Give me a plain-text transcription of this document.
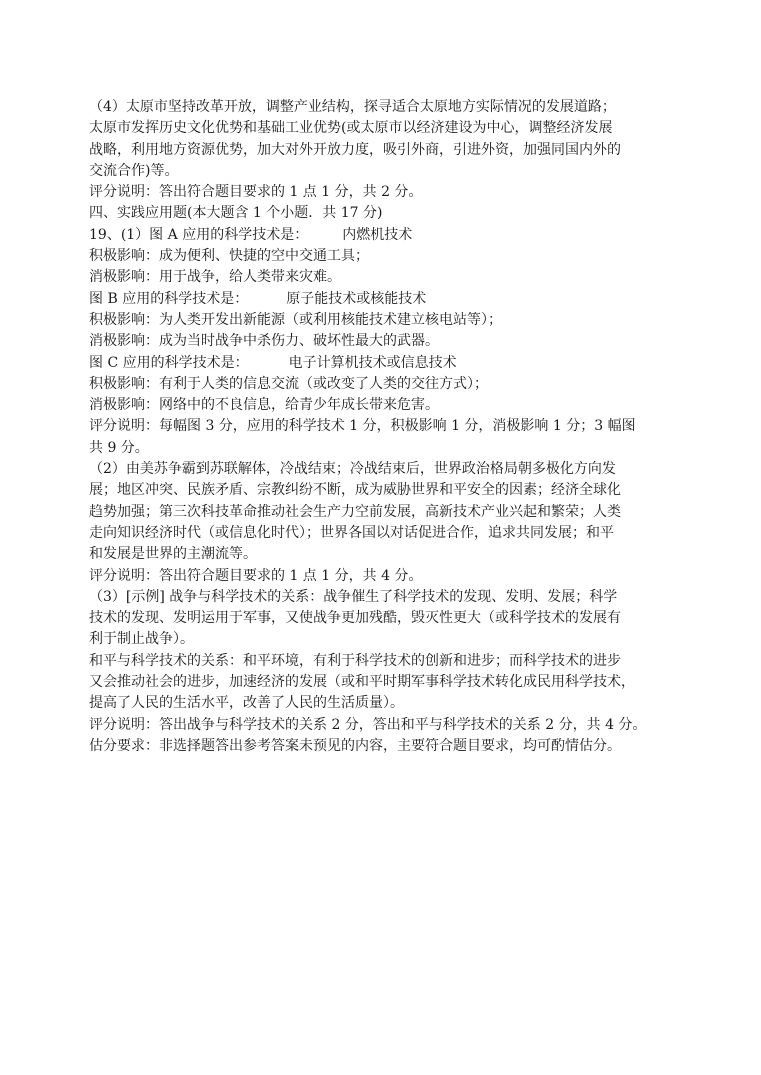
（4）太原市坚持改革开放，调整产业结构，探寻适合太原地方实际情况的发展道路；
太原市发挥历史文化优势和基础工业优势(或太原市以经济建设为中心，调整经济发展
战略，利用地方资源优势，加大对外开放力度，吸引外商，引进外资，加强同国内外的
交流合作)等。
评分说明：答出符合题目要求的 1 点 1 分，共 2 分。
四、实践应用题(本大题含 1 个小题．共 17 分)
19、(1）图 A 应用的科学技术是： 内燃机技术
积极影响：成为便利、快捷的空中交通工具；
消极影响：用于战争，给人类带来灾难。
图 B 应用的科学技术是：	原子能技术或核能技术
积极影响：为人类开发出新能源（或利用核能技术建立核电站等）；
消极影响：成为当时战争中杀伤力、破坏性最大的武器。
图 C 应用的科学技术是：	电子计算机技术或信息技术
积极影响：有利于人类的信息交流（或改变了人类的交往方式）；
消极影响：网络中的不良信息，给青少年成长带来危害。
评分说明：每幅图 3 分，应用的科学技术 1 分，积极影响 1 分，消极影响 1 分；3 幅图
共 9 分。
（2）由美苏争霸到苏联解体，冷战结束；冷战结束后，世界政治格局朝多极化方向发
展；地区冲突、民族矛盾、宗教纠纷不断，成为威胁世界和平安全的因素；经济全球化
趋势加强；第三次科技革命推动社会生产力空前发展，高新技术产业兴起和繁荣；人类
走向知识经济时代（或信息化时代）；世界各国以对话促进合作，追求共同发展；和平
和发展是世界的主潮流等。
评分说明：答出符合题目要求的 1 点 1 分，共 4 分。
（3）[示例] 战争与科学技术的关系：战争催生了科学技术的发现、发明、发展；科学
技术的发现、发明运用于军事，又使战争更加残酷，毁灭性更大（或科学技术的发展有
利于制止战争）。
和平与科学技术的关系：和平环境，有利于科学技术的创新和进步；而科学技术的进步
又会推动社会的进步，加速经济的发展（或和平时期军事科学技术转化成民用科学技术，
提高了人民的生活水平，改善了人民的生活质量）。
评分说明：答出战争与科学技术的关系 2 分，答出和平与科学技术的关系 2 分，共 4 分。
估分要求：非选择题答出参考答案未预见的内容，主要符合题目要求，均可酌情估分。
